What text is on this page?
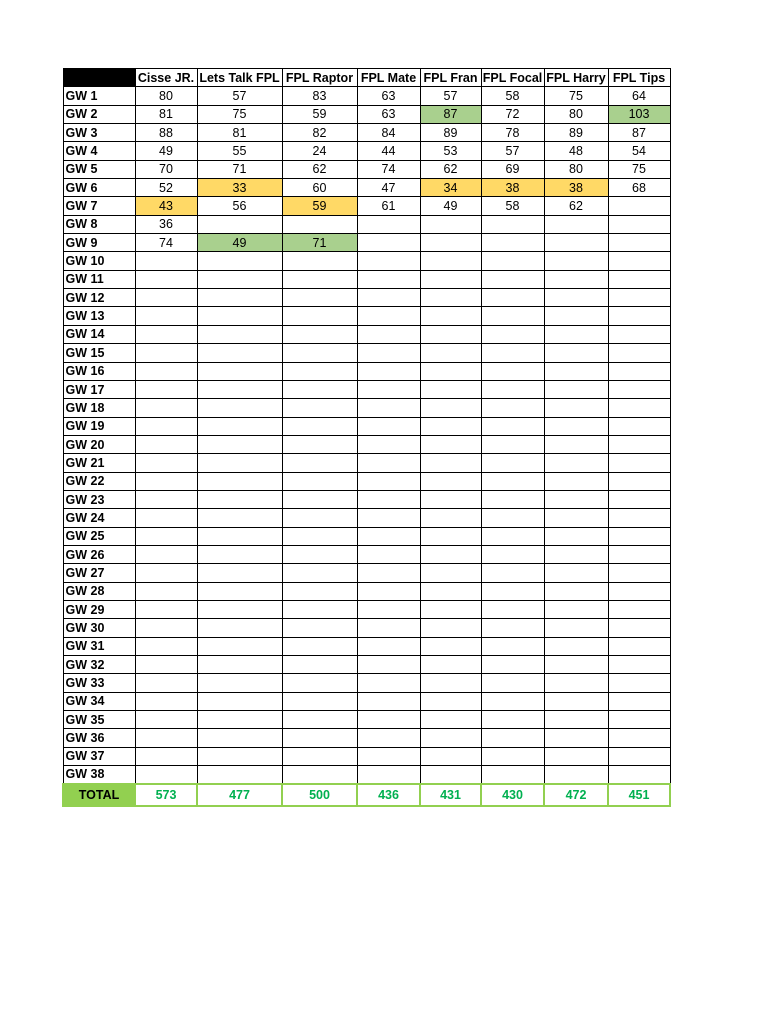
	Cisse JR.	Lets Talk FPL	FPL Raptor	FPL Mate	FPL Fran	FPL Focal	FPL Harry	FPL Tips
GW 1	80	57	83	63	57	58	75	64
GW 2	81	75	59	63	87	72	80	103
GW 3	88	81	82	84	89	78	89	87
GW 4	49	55	24	44	53	57	48	54
GW 5	70	71	62	74	62	69	80	75
GW 6	52	33	60	47	34	38	38	68
GW 7	43	56	59	61	49	58	62	
GW 8	36							
GW 9	74	49	71					
GW 10								
GW 11								
GW 12								
GW 13								
GW 14								
GW 15								
GW 16								
GW 17								
GW 18								
GW 19								
GW 20								
GW 21								
GW 22								
GW 23								
GW 24								
GW 25								
GW 26								
GW 27								
GW 28								
GW 29								
GW 30								
GW 31								
GW 32								
GW 33								
GW 34								
GW 35								
GW 36								
GW 37								
GW 38								
TOTAL	573	477	500	436	431	430	472	451
